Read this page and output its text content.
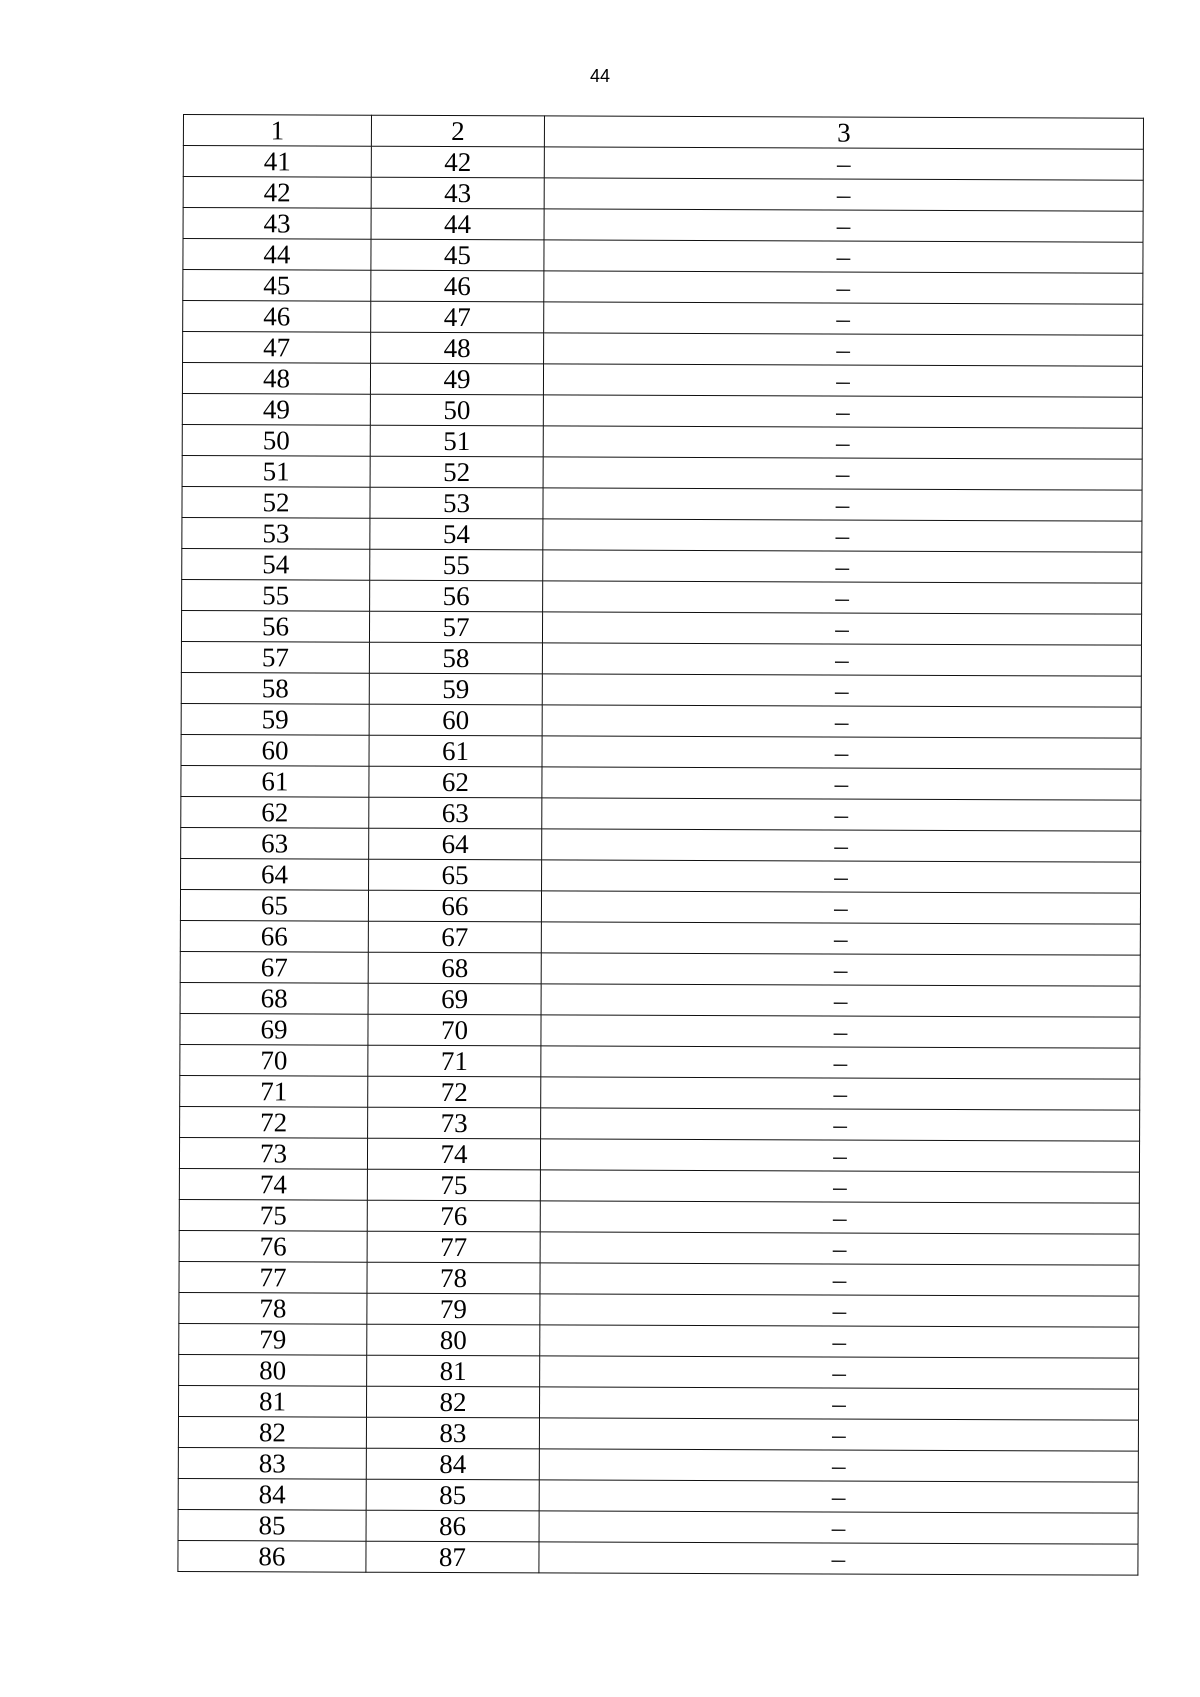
44
1	2	3
41	42	–
42	43	–
43	44	–
44	45	–
45	46	–
46	47	–
47	48	–
48	49	–
49	50	–
50	51	–
51	52	–
52	53	–
53	54	–
54	55	–
55	56	–
56	57	–
57	58	–
58	59	–
59	60	–
60	61	–
61	62	–
62	63	–
63	64	–
64	65	–
65	66	–
66	67	–
67	68	–
68	69	–
69	70	–
70	71	–
71	72	–
72	73	–
73	74	–
74	75	–
75	76	–
76	77	–
77	78	–
78	79	–
79	80	–
80	81	–
81	82	–
82	83	–
83	84	–
84	85	–
85	86	–
86	87	–
